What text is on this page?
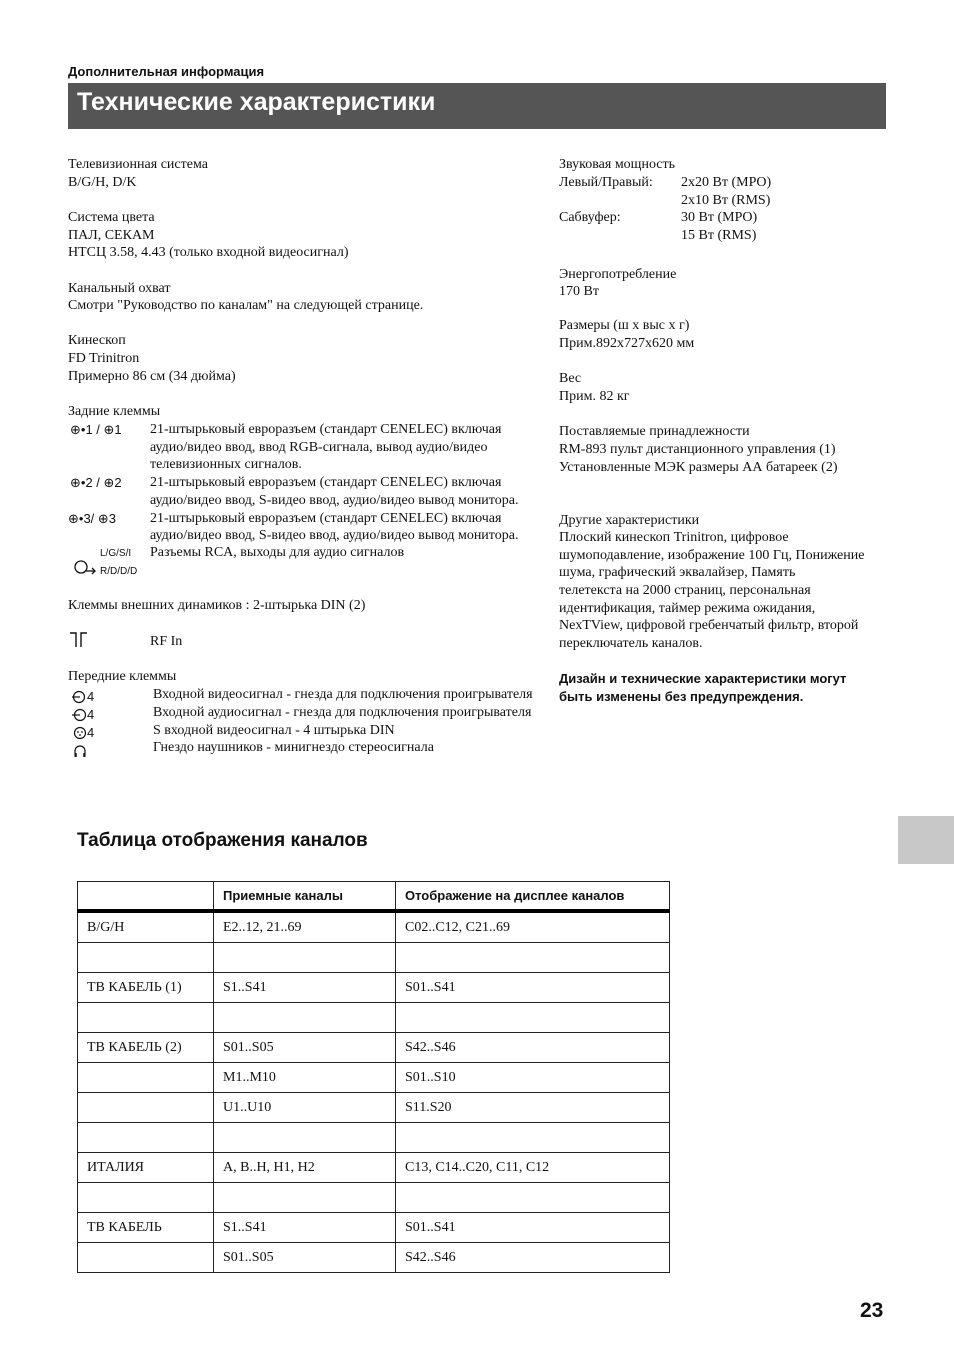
Дополнительная информация
Технические характеристики
Телевизионная система
B/G/H, D/K
Система цвета
ПАЛ, СЕКАМ
НТСЦ 3.58, 4.43 (только входной видеосигнал)
Канальный охват
Смотри "Руководство по каналам" на следующей странице.
Кинескоп
FD Trinitron
Примерно 86 см (34 дюйма)
Задние клеммы
⊕•1 / ⊕1 21-штырьковый евроразъем (стандарт CENELEC) включая
аудио/видео ввод, ввод RGB-сигнала, вывод аудио/видео
телевизионных сигналов.
⊕•2 / ⊕2 21-штырьковый евроразъем (стандарт CENELEC) включая
аудио/видео ввод, S-видео ввод, аудио/видео вывод монитора.
⊕•3/ ⊕3 21-штырьковый евроразъем (стандарт CENELEC) включая
аудио/видео ввод, S-видео ввод, аудио/видео вывод монитора.
L/G/S/I
R/D/D/D
Разъемы RCA, выходы для аудио сигналов
Клеммы внешних динамиков : 2-штырька DIN (2)
RF In
Передние клеммы
4	Входной видеосигнал - гнезда для подключения проигрывателя
4	Входной аудиосигнал - гнезда для подключения проигрывателя
4	S входной видеосигнал - 4 штырька DIN
Гнездо наушников - минигнездо стереосигнала
Звуковая мощность
Левый/Правый: 2x20 Вт (MPO)
2x10 Вт (RMS)
Сабвуфер:	30 Вт (MPO)
15 Вт (RMS)
Энергопотребление
170 Вт
Размеры (ш x выс x г)
Прим.892x727x620 мм
Вес
Прим. 82 кг
Поставляемые принадлежности
RM-893 пульт дистанционного управления (1)
Установленные МЭК размеры АА батареек (2)
Другие характеристики
Плоский кинескоп Trinitron, цифровое
шумоподавление, изображение 100 Гц, Понижение
шума, графический эквалайзер, Память
телетекста на 2000 страниц, персональная
идентификация, таймер режима ожидания,
NexTView, цифровой гребенчатый фильтр, второй
переключатель каналов.
Дизайн и технические характеристики могут
быть изменены без предупреждения.
Таблица отображения каналов
	Приемные каналы	Отображение на дисплее каналов
B/G/H	E2..12, 21..69	C02..C12, C21..69

ТВ КАБЕЛЬ (1)	S1..S41	S01..S41

ТВ КАБЕЛЬ (2)	S01..S05	S42..S46
	M1..M10	S01..S10
	U1..U10	S11.S20

ИТАЛИЯ	A, B..H, H1, H2	C13, C14..C20, C11, C12

ТВ КАБЕЛЬ	S1..S41	S01..S41
	S01..S05	S42..S46
23
